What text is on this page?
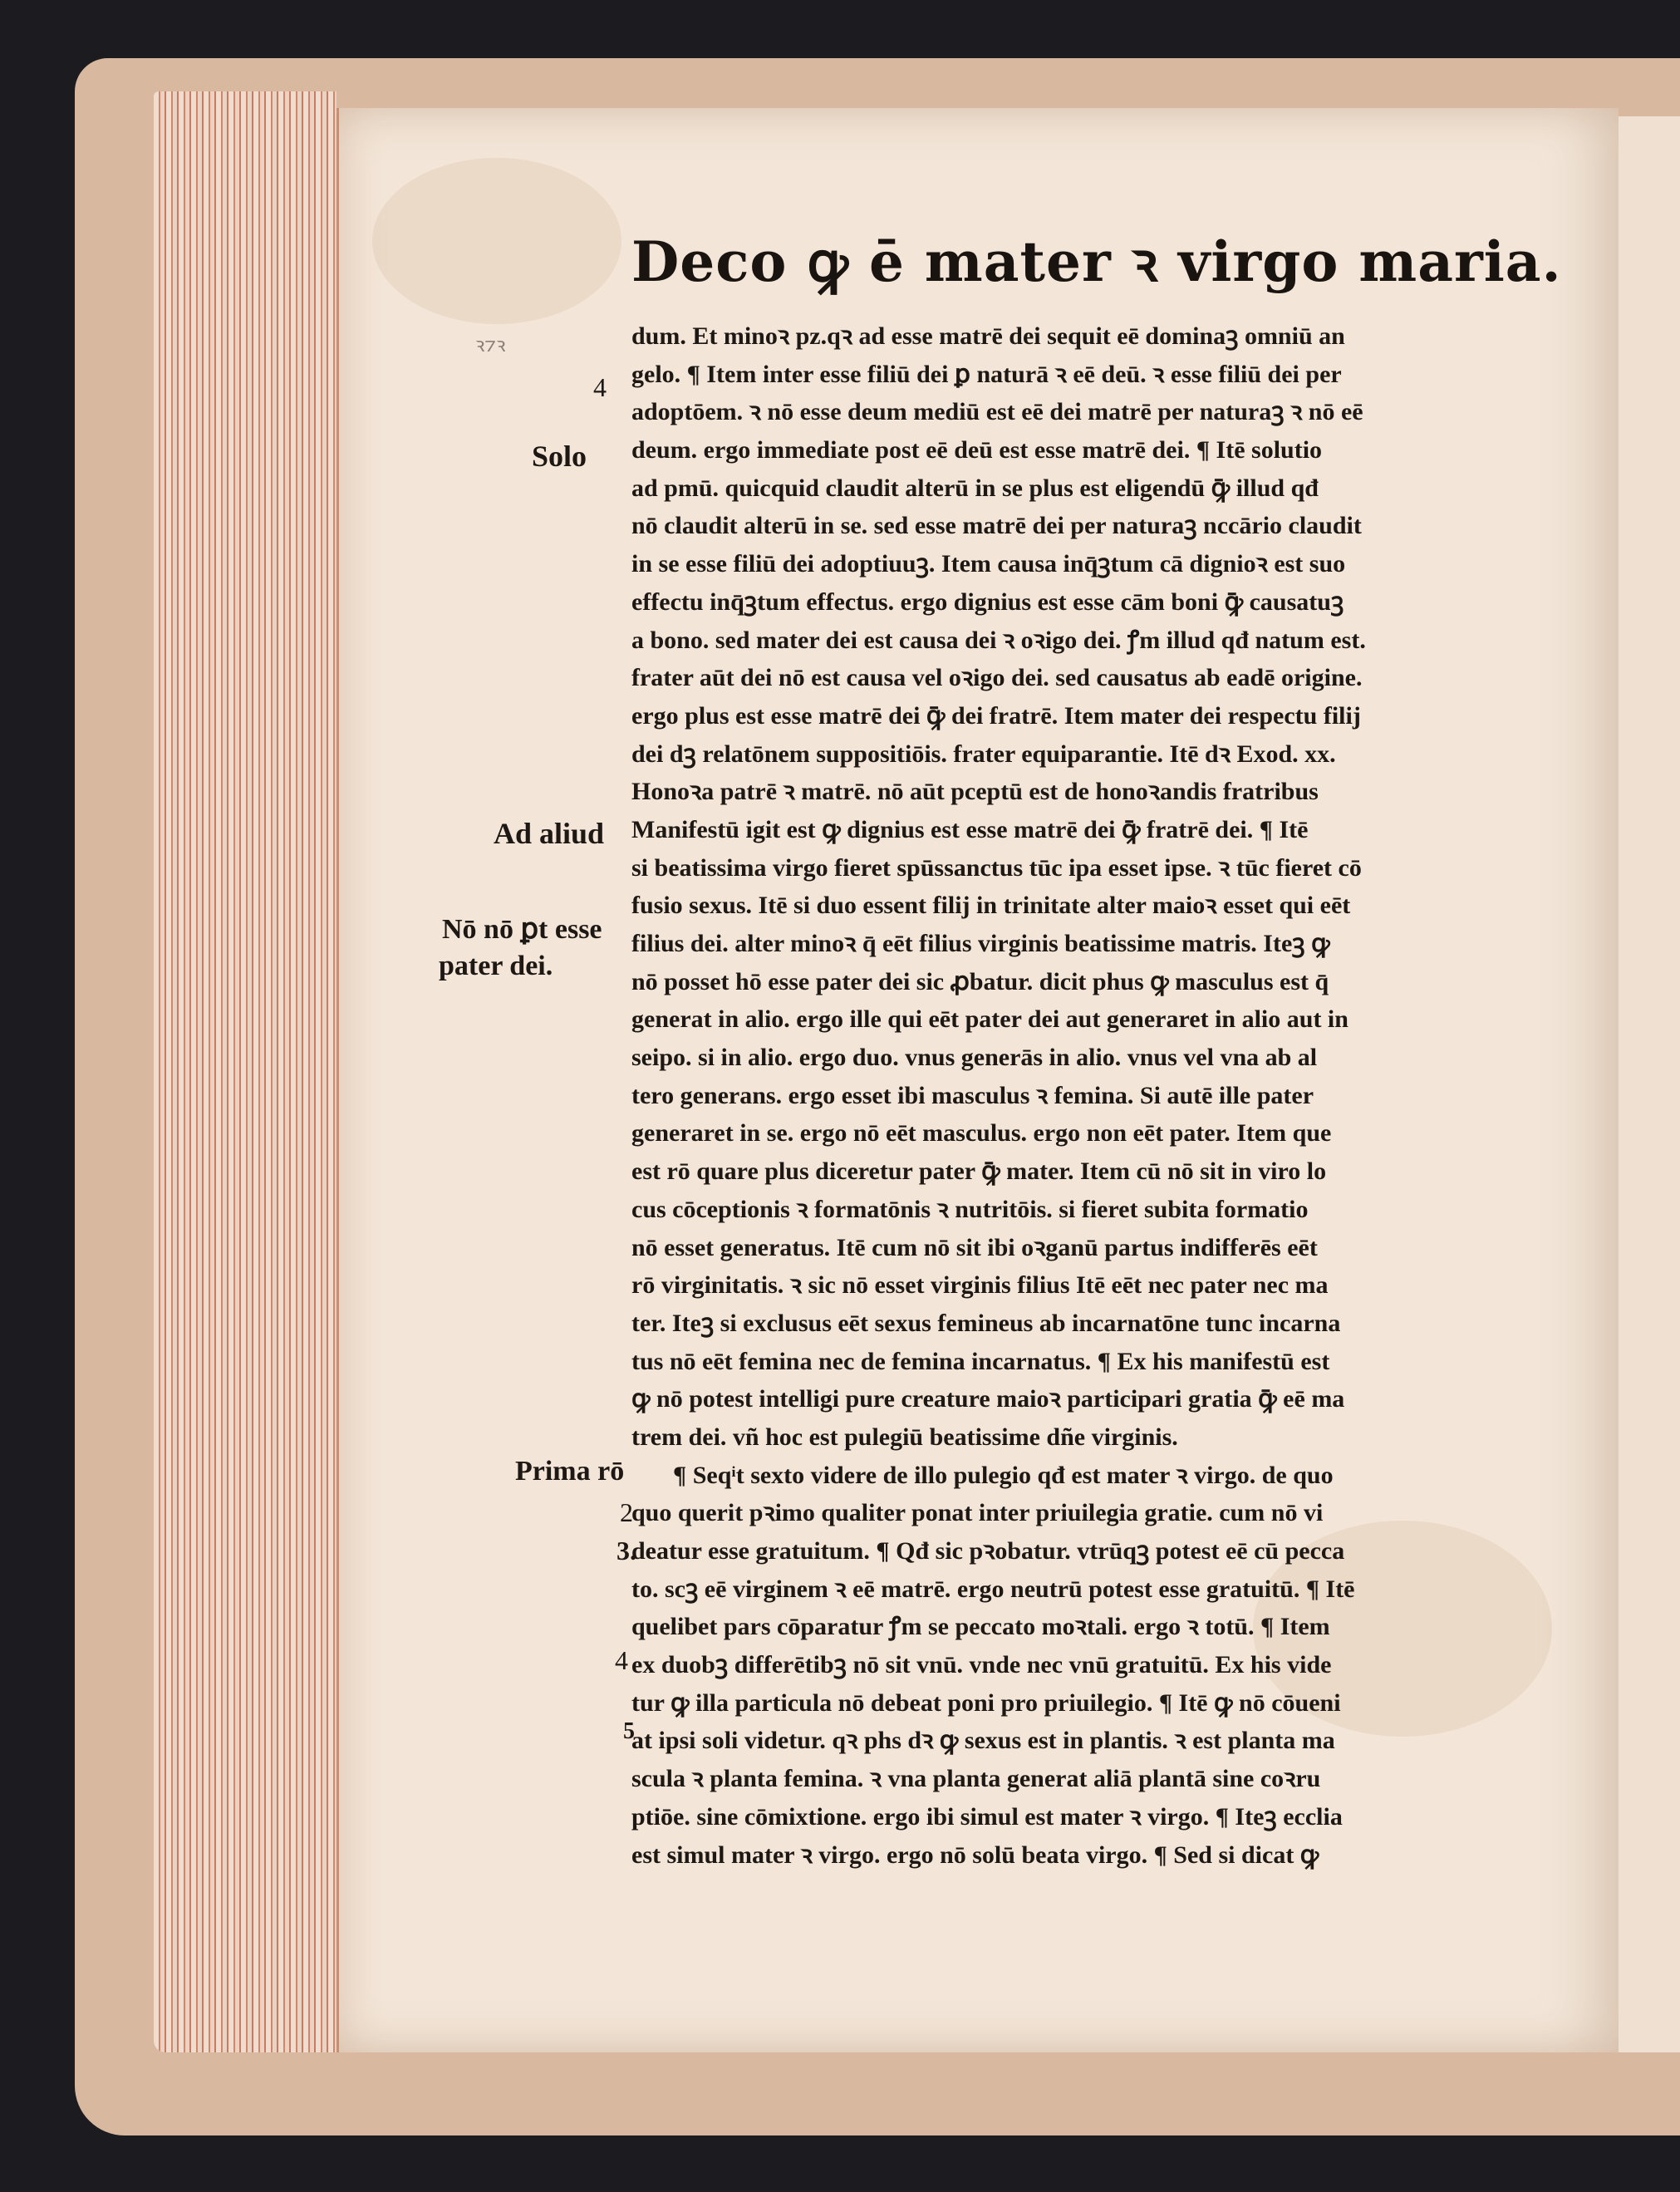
Deco ꝙ ē mater ꝛ virgo maria.
ꝛ⁊ꝛ
4
Solo
Ad aliud
Nō nō ꝑt esse
pater dei.
Prima rō
2
3.
4
5
dum. Et minoꝛ pz.qꝛ ad esse matrē dei sequit eē dominaꝫ omniū an
gelo. ¶ Item inter esse filiū dei ꝑ naturā ꝛ eē deū. ꝛ esse filiū dei per
adoptōem. ꝛ nō esse deum mediū est eē dei matrē per naturaꝫ ꝛ nō eē
deum. ergo immediate post eē deū est esse matrē dei. ¶ Itē solutio
ad pmū. quicquid claudit alterū in se plus est eligendū ꝙ̄ illud qđ
nō claudit alterū in se. sed esse matrē dei per naturaꝫ nccārio claudit
in se esse filiū dei adoptiuuꝫ. Item causa inq̄ꝫtum cā dignioꝛ est suo
effectu inq̄ꝫtum effectus. ergo dignius est esse cām boni ꝙ̄ causatuꝫ
a bono. sed mater dei est causa dei ꝛ oꝛigo dei. ꝭm illud qđ natum est.
frater aūt dei nō est causa vel oꝛigo dei. sed causatus ab eadē origine.
ergo plus est esse matrē dei ꝙ̄ dei fratrē. Item mater dei respectu filij
dei dꝫ relatōnem suppositiōis. frater equiparantie. Itē dꝛ Exod. xx.
Honoꝛa patrē ꝛ matrē. nō aūt pceptū est de honoꝛandis fratribus
Manifestū igit est ꝙ dignius est esse matrē dei ꝙ̄ fratrē dei. ¶ Itē
si beatissima virgo fieret spūssanctus tūc ipa esset ipse. ꝛ tūc fieret cō
fusio sexus. Itē si duo essent filij in trinitate alter maioꝛ esset qui eēt
filius dei. alter minoꝛ q̄ eēt filius virginis beatissime matris. Iteꝫ ꝙ
nō posset hō esse pater dei sic ꝓbatur. dicit phus ꝙ masculus est q̄
generat in alio. ergo ille qui eēt pater dei aut generaret in alio aut in
seipo. si in alio. ergo duo. vnus generās in alio. vnus vel vna ab al
tero generans. ergo esset ibi masculus ꝛ femina. Si autē ille pater
generaret in se. ergo nō eēt masculus. ergo non eēt pater. Item que
est rō quare plus diceretur pater ꝙ̄ mater. Item cū nō sit in viro lo
cus cōceptionis ꝛ formatōnis ꝛ nutritōis. si fieret subita formatio
nō esset generatus. Itē cum nō sit ibi oꝛganū partus indifferēs eēt
rō virginitatis. ꝛ sic nō esset virginis filius Itē eēt nec pater nec ma
ter. Iteꝫ si exclusus eēt sexus femineus ab incarnatōne tunc incarna
tus nō eēt femina nec de femina incarnatus. ¶ Ex his manifestū est
ꝙ nō potest intelligi pure creature maioꝛ participari gratia ꝙ̄ eē ma
trem dei. vñ hoc est pulegiū beatissime dñe virginis.
¶ Seqͥt sexto videre de illo pulegio qđ est mater ꝛ virgo. de quo
quo querit pꝛimo qualiter ponat inter priuilegia gratie. cum nō vi
deatur esse gratuitum. ¶ Qđ sic pꝛobatur. vtrūqꝫ potest eē cū pecca
to. scꝫ eē virginem ꝛ eē matrē. ergo neutrū potest esse gratuitū. ¶ Itē
quelibet pars cōparatur ꝭm se peccato moꝛtali. ergo ꝛ totū. ¶ Item
ex duobꝫ differētibꝫ nō sit vnū. vnde nec vnū gratuitū. Ex his vide
tur ꝙ illa particula nō debeat poni pro priuilegio. ¶ Itē ꝙ nō cōueni
at ipsi soli videtur. qꝛ phs dꝛ ꝙ sexus est in plantis. ꝛ est planta ma
scula ꝛ planta femina. ꝛ vna planta generat aliā plantā sine coꝛru
ptiōe. sine cōmixtione. ergo ibi simul est mater ꝛ virgo. ¶ Iteꝫ ecclia
est simul mater ꝛ virgo. ergo nō solū beata virgo. ¶ Sed si dicat ꝙ
